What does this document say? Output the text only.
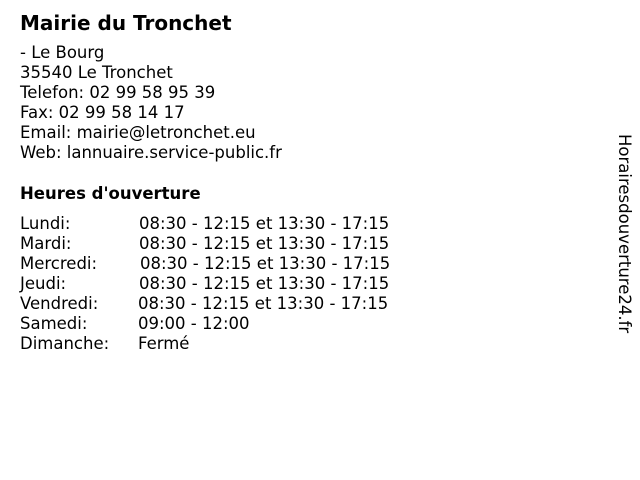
Mairie du Tronchet
- Le Bourg
35540 Le Tronchet
Telefon: 02 99 58 95 39
Fax: 02 99 58 14 17
Email: mairie@letronchet.eu
Web: lannuaire.service-public.fr
Heures d'ouverture
Lundi:	08:30 - 12:15 et 13:30 - 17:15
Mardi:	08:30 - 12:15 et 13:30 - 17:15
Mercredi:	08:30 - 12:15 et 13:30 - 17:15
Jeudi:	08:30 - 12:15 et 13:30 - 17:15
Vendredi: 08:30 - 12:15 et 13:30 - 17:15
Samedi:	09:00 - 12:00
Dimanche: Fermé
Horairesdouverture24.fr
